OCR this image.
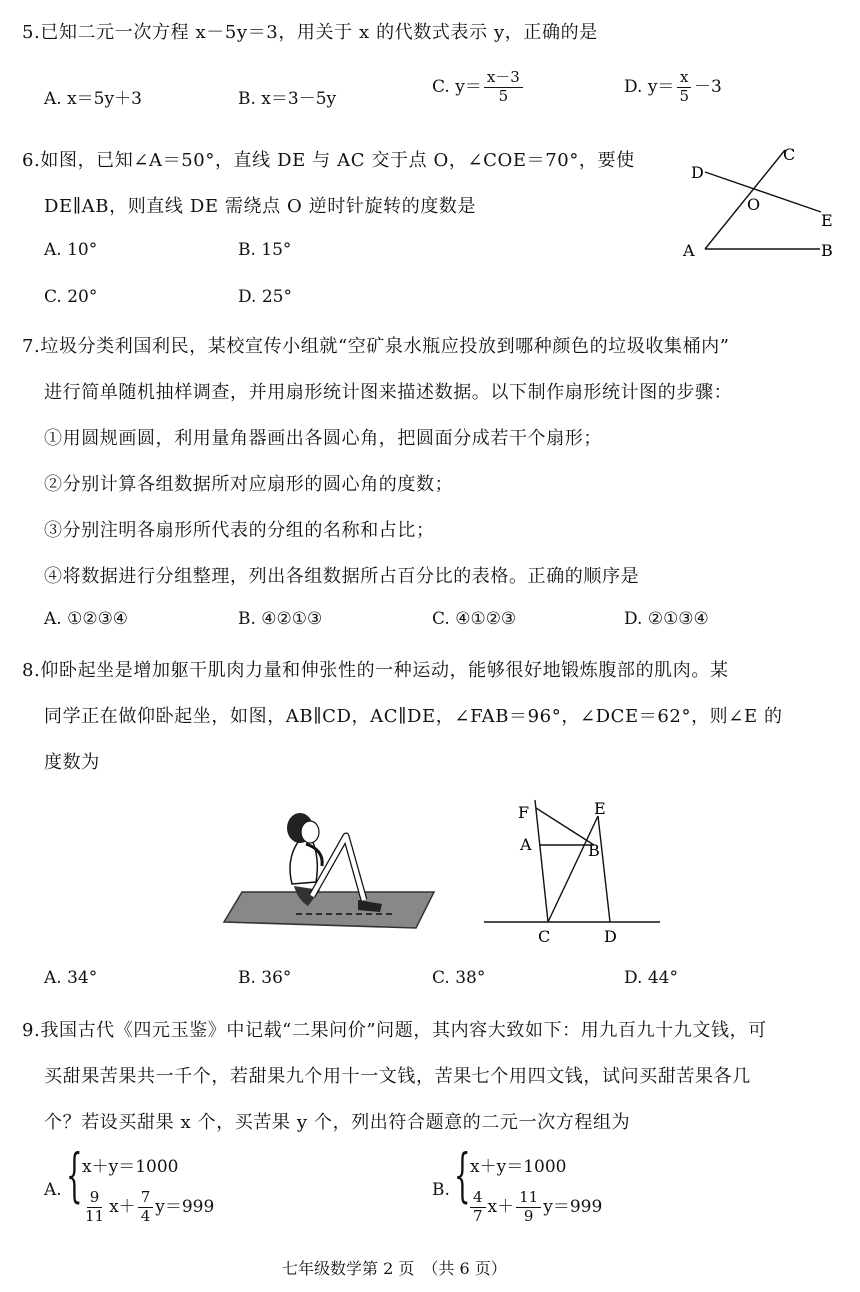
5.已知二元一次方程 x－5y＝3，用关于 x 的代数式表示 y，正确的是
A. x＝5y＋3	B. x＝3－5y
C. $y= \frac{x-3}{5}$	D. $y= \frac{x}{5} -3$
6.如图，已知∠A＝50°，直线 DE 与 AC 交于点 O，∠COE＝70°，要使
DE∥AB，则直线 DE 需绕点 O 逆时针旋转的度数是
A. 10°	B. 15°
C. 20°	D. 25°
C
D
O
E
A	B
7.垃圾分类利国利民，某校宣传小组就“空矿泉水瓶应投放到哪种颜色的垃圾收集桶内”
进行简单随机抽样调查，并用扇形统计图来描述数据。以下制作扇形统计图的步骤：
①用圆规画圆，利用量角器画出各圆心角，把圆面分成若干个扇形；
②分别计算各组数据所对应扇形的圆心角的度数；
③分别注明各扇形所代表的分组的名称和占比；
④将数据进行分组整理，列出各组数据所占百分比的表格。正确的顺序是
A. ①②③④	B. ④②①③	C. ④①②③	D. ②①③④
8.仰卧起坐是增加躯干肌肉力量和伸张性的一种运动，能够很好地锻炼腹部的肌肉。某
同学正在做仰卧起坐，如图，AB∥CD，AC∥DE，∠FAB＝96°，∠DCE＝62°，则∠E 的
度数为
F	E
A	B
C	D
A. 34°	B. 36°	C. 38°	D. 44°
9.我国古代《四元玉鉴》中记载“二果问价”问题，其内容大致如下：用九百九十九文钱，可
买甜果苦果共一千个，若甜果九个用十一文钱，苦果七个用四文钱，试问买甜苦果各几
个？若设买甜果 x 个，买苦果 y 个，列出符合题意的二元一次方程组为
A. { x＋y＝1000
$\frac{9}{11} x+ \frac{7}{4} y=999$
B. { x＋y＝1000
$\frac{4}{7} x+ \frac{11}{9} y=999$
七年级数学第 2 页　（共 6 页）
